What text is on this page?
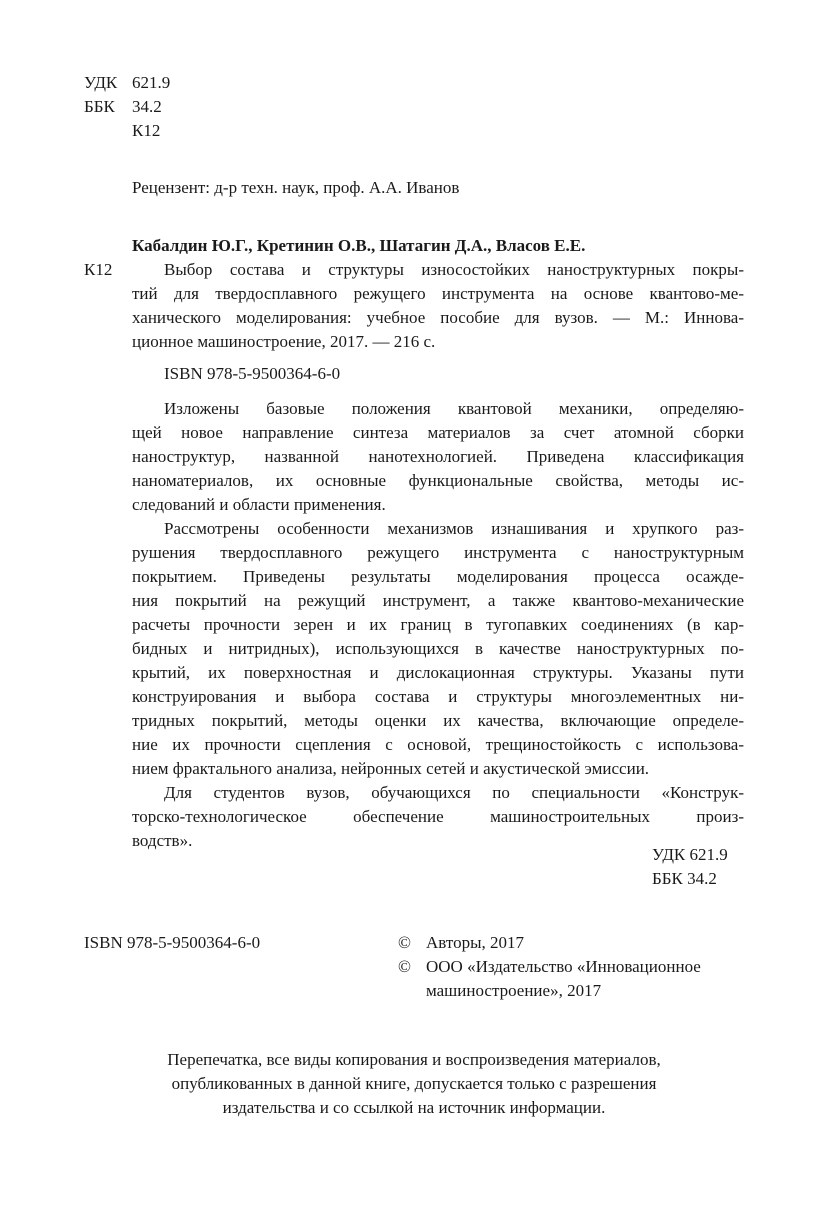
УДК 621.9
ББК 34.2
К12
Рецензент: д-р техн. наук, проф. А.А. Иванов
Кабалдин Ю.Г., Кретинин О.В., Шатагин Д.А., Власов Е.Е.
К12	Выбор состава и структуры износостойких наноструктурных покры-
тий для твердосплавного режущего инструмента на основе квантово-ме-
ханического моделирования: учебное пособие для вузов. — М.: Иннова-
ционное машиностроение, 2017. — 216 с.
ISBN 978-5-9500364-6-0
Изложены базовые положения квантовой механики, определяю-
щей новое направление синтеза материалов за счет атомной сборки
наноструктур, названной нанотехнологией. Приведена классификация
наноматериалов, их основные функциональные свойства, методы ис-
следований и области применения.
Рассмотрены особенности механизмов изнашивания и хрупкого раз-
рушения твердосплавного режущего инструмента с наноструктурным
покрытием. Приведены результаты моделирования процесса осажде-
ния покрытий на режущий инструмент, а также квантово-механические
расчеты прочности зерен и их границ в тугопавких соединениях (в кар-
бидных и нитридных), использующихся в качестве наноструктурных по-
крытий, их поверхностная и дислокационная структуры. Указаны пути
конструирования и выбора состава и структуры многоэлементных ни-
тридных покрытий, методы оценки их качества, включающие определе-
ние их прочности сцепления с основой, трещиностойкость с использова-
нием фрактального анализа, нейронных сетей и акустической эмиссии.
Для студентов вузов, обучающихся по специальности «Конструк-
торско-технологическое обеспечение машиностроительных произ-
водств».
УДК 621.9
ББК 34.2
ISBN 978-5-9500364-6-0	© Авторы, 2017
© ООО «Издательство «Инновационное
машиностроение», 2017
Перепечатка, все виды копирования и воспроизведения материалов,
опубликованных в данной книге, допускается только с разрешения
издательства и со ссылкой на источник информации.
